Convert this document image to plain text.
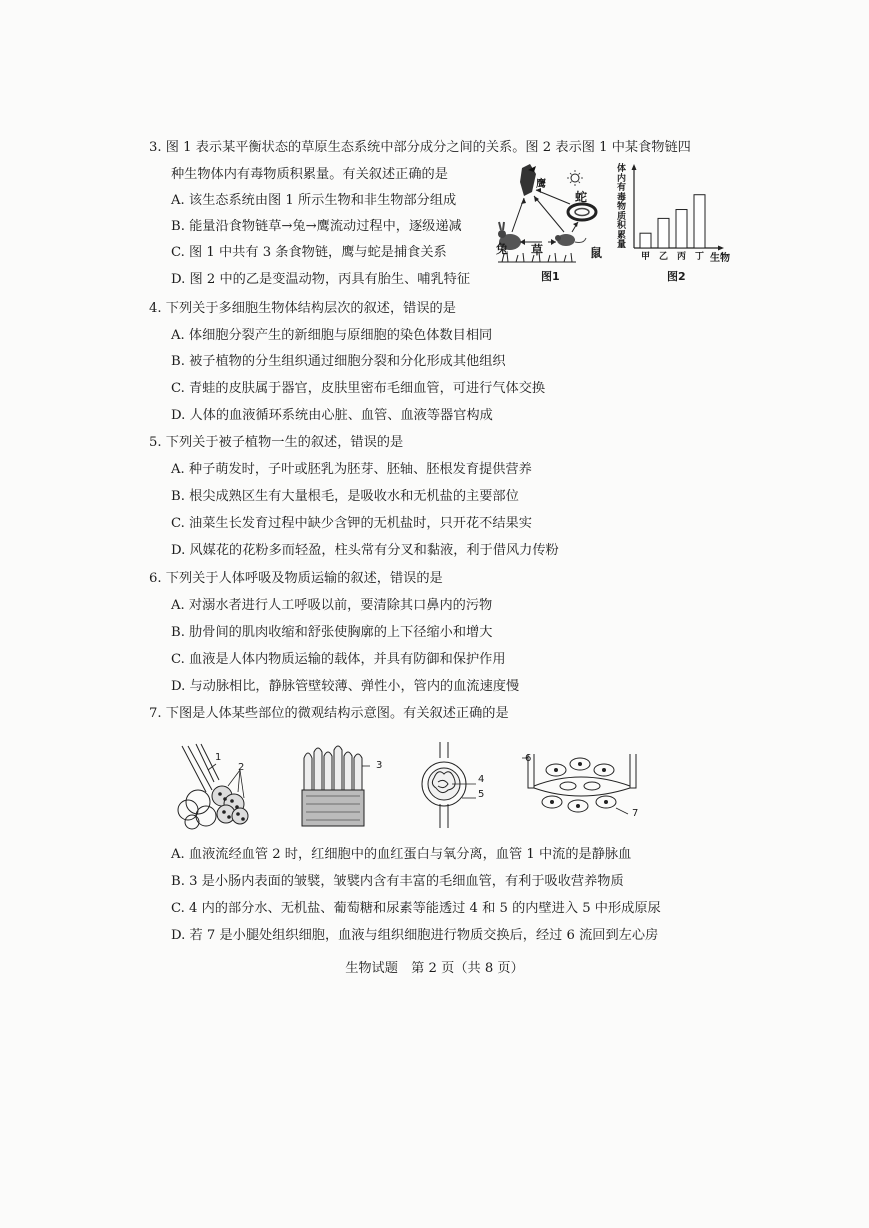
3. 图 1 表示某平衡状态的草原生态系统中部分成分之间的关系。图 2 表示图 1 中某食物链四
种生物体内有毒物质积累量。有关叙述正确的是
A. 该生态系统由图 1 所示生物和非生物部分组成
B. 能量沿食物链草→兔→鹰流动过程中，逐级递减
C. 图 1 中共有 3 条食物链，鹰与蛇是捕食关系
D. 图 2 中的乙是变温动物，丙具有胎生、哺乳特征
鹰
蛇
兔 草	鼠
图1
体
内
有
毒
物
质
积
累
量
甲 乙 丙 丁 生物
图2
4. 下列关于多细胞生物体结构层次的叙述，错误的是
A. 体细胞分裂产生的新细胞与原细胞的染色体数目相同
B. 被子植物的分生组织通过细胞分裂和分化形成其他组织
C. 青蛙的皮肤属于器官，皮肤里密布毛细血管，可进行气体交换
D. 人体的血液循环系统由心脏、血管、血液等器官构成
5. 下列关于被子植物一生的叙述，错误的是
A. 种子萌发时，子叶或胚乳为胚芽、胚轴、胚根发育提供营养
B. 根尖成熟区生有大量根毛，是吸收水和无机盐的主要部位
C. 油菜生长发育过程中缺少含钾的无机盐时，只开花不结果实
D. 风媒花的花粉多而轻盈，柱头常有分叉和黏液，利于借风力传粉
6. 下列关于人体呼吸及物质运输的叙述，错误的是
A. 对溺水者进行人工呼吸以前，要清除其口鼻内的污物
B. 肋骨间的肌肉收缩和舒张使胸廓的上下径缩小和增大
C. 血液是人体内物质运输的载体，并具有防御和保护作用
D. 与动脉相比，静脉管壁较薄、弹性小，管内的血流速度慢
7. 下图是人体某些部位的微观结构示意图。有关叙述正确的是
1
2	3
4
5
6
7
A. 血液流经血管 2 时，红细胞中的血红蛋白与氧分离，血管 1 中流的是静脉血
B. 3 是小肠内表面的皱襞，皱襞内含有丰富的毛细血管，有利于吸收营养物质
C. 4 内的部分水、无机盐、葡萄糖和尿素等能透过 4 和 5 的内壁进入 5 中形成原尿
D. 若 7 是小腿处组织细胞，血液与组织细胞进行物质交换后，经过 6 流回到左心房
生物试题　第 2 页（共 8 页）
